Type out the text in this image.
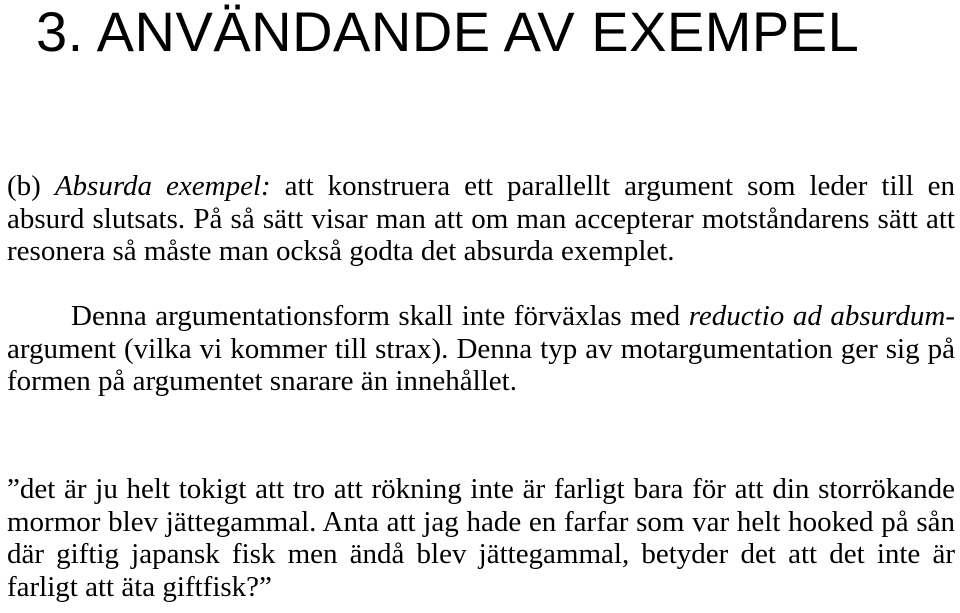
3. ANVÄNDANDE AV EXEMPEL

(b) Absurda exempel: att konstruera ett parallellt argument som leder till en absurd slutsats. På så sätt visar man att om man accepterar motståndarens sätt att resonera så måste man också godta det absurda exemplet.

Denna argumentationsform skall inte förväxlas med reductio ad absurdum- argument (vilka vi kommer till strax). Denna typ av motargumentation ger sig på formen på argumentet snarare än innehållet.

”det är ju helt tokigt att tro att rökning inte är farligt bara för att din storrökande mormor blev jättegammal. Anta att jag hade en farfar som var helt hooked på sån där giftig japansk fisk men ändå blev jättegammal, betyder det att det inte är farligt att äta giftfisk?”
